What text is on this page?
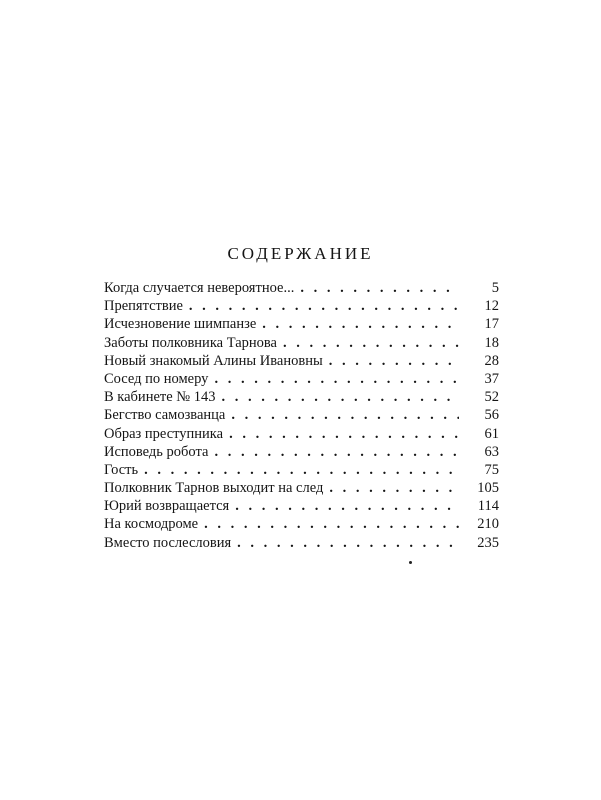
СОДЕРЖАНИЕ
Когда случается невероятное... . . .	5
Препятствие . . .	12
Исчезновение шимпанзе . . .	17
Заботы полковника Тарнова . . .	18
Новый знакомый Алины Ивановны . . .	28
Сосед по номеру . . .	37
В кабинете № 143 . . .	52
Бегство самозванца . . .	56
Образ преступника . . .	61
Исповедь робота . . .	63
Гость . . .	75
Полковник Тарнов выходит на след . . .	105
Юрий возвращается . . .	114
На космодроме . . .	210
Вместо послесловия . . .	235
